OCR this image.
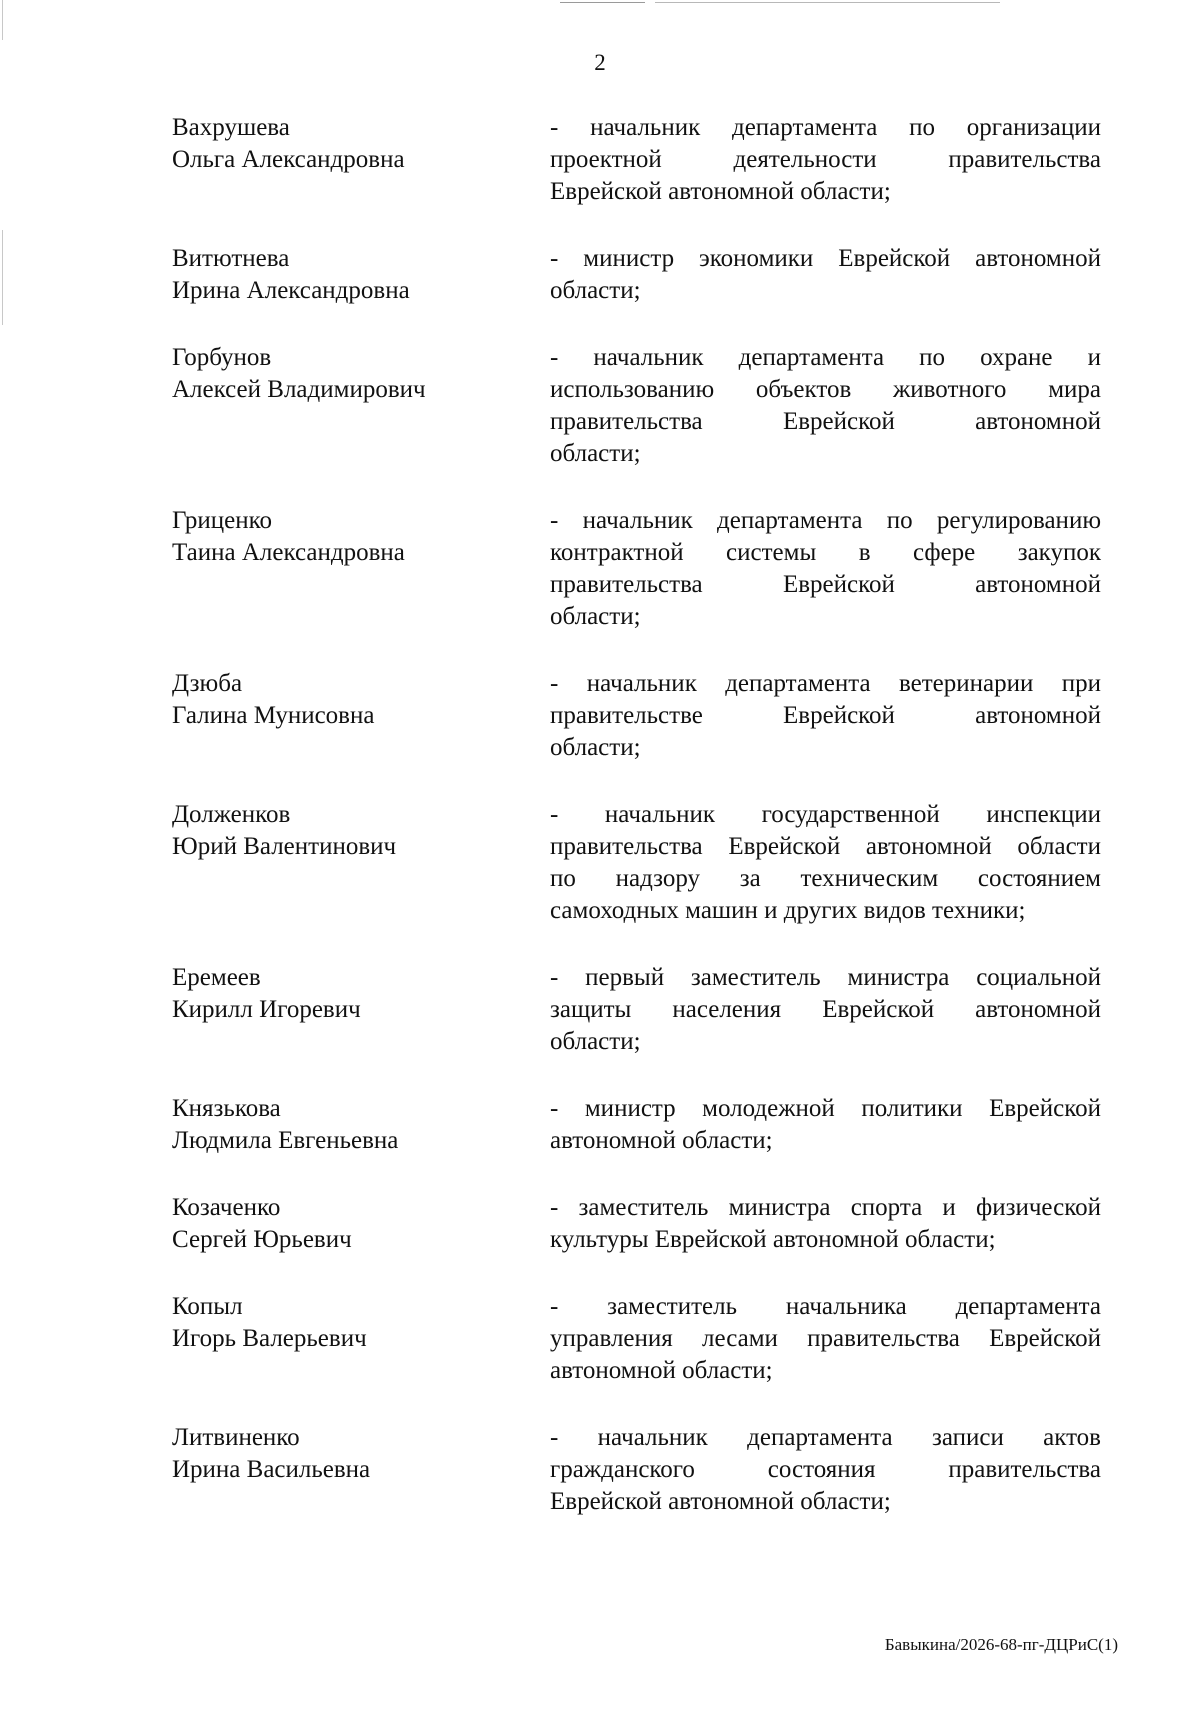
2
Вахрушева
Ольга Александровна
- начальник департамента по организации
проектной деятельности правительства
Еврейской автономной области;
Витютнева
Ирина Александровна
- министр экономики Еврейской автономной
области;
Горбунов
Алексей Владимирович
- начальник департамента по охране и
использованию объектов животного мира
правительства Еврейской автономной
области;
Гриценко
Таина Александровна
- начальник департамента по регулированию
контрактной системы в сфере закупок
правительства Еврейской автономной
области;
Дзюба
Галина Мунисовна
- начальник департамента ветеринарии при
правительстве Еврейской автономной
области;
Долженков
Юрий Валентинович
- начальник государственной инспекции
правительства Еврейской автономной области
по надзору за техническим состоянием
самоходных машин и других видов техники;
Еремеев
Кирилл Игоревич
- первый заместитель министра социальной
защиты населения Еврейской автономной
области;
Князькова
Людмила Евгеньевна
- министр молодежной политики Еврейской
автономной области;
Козаченко
Сергей Юрьевич
- заместитель министра спорта и физической
культуры Еврейской автономной области;
Копыл
Игорь Валерьевич
- заместитель начальника департамента
управления лесами правительства Еврейской
автономной области;
Литвиненко
Ирина Васильевна
- начальник департамента записи актов
гражданского состояния правительства
Еврейской автономной области;
Бавыкина/2026-68-пг-ДЦРиС(1)
